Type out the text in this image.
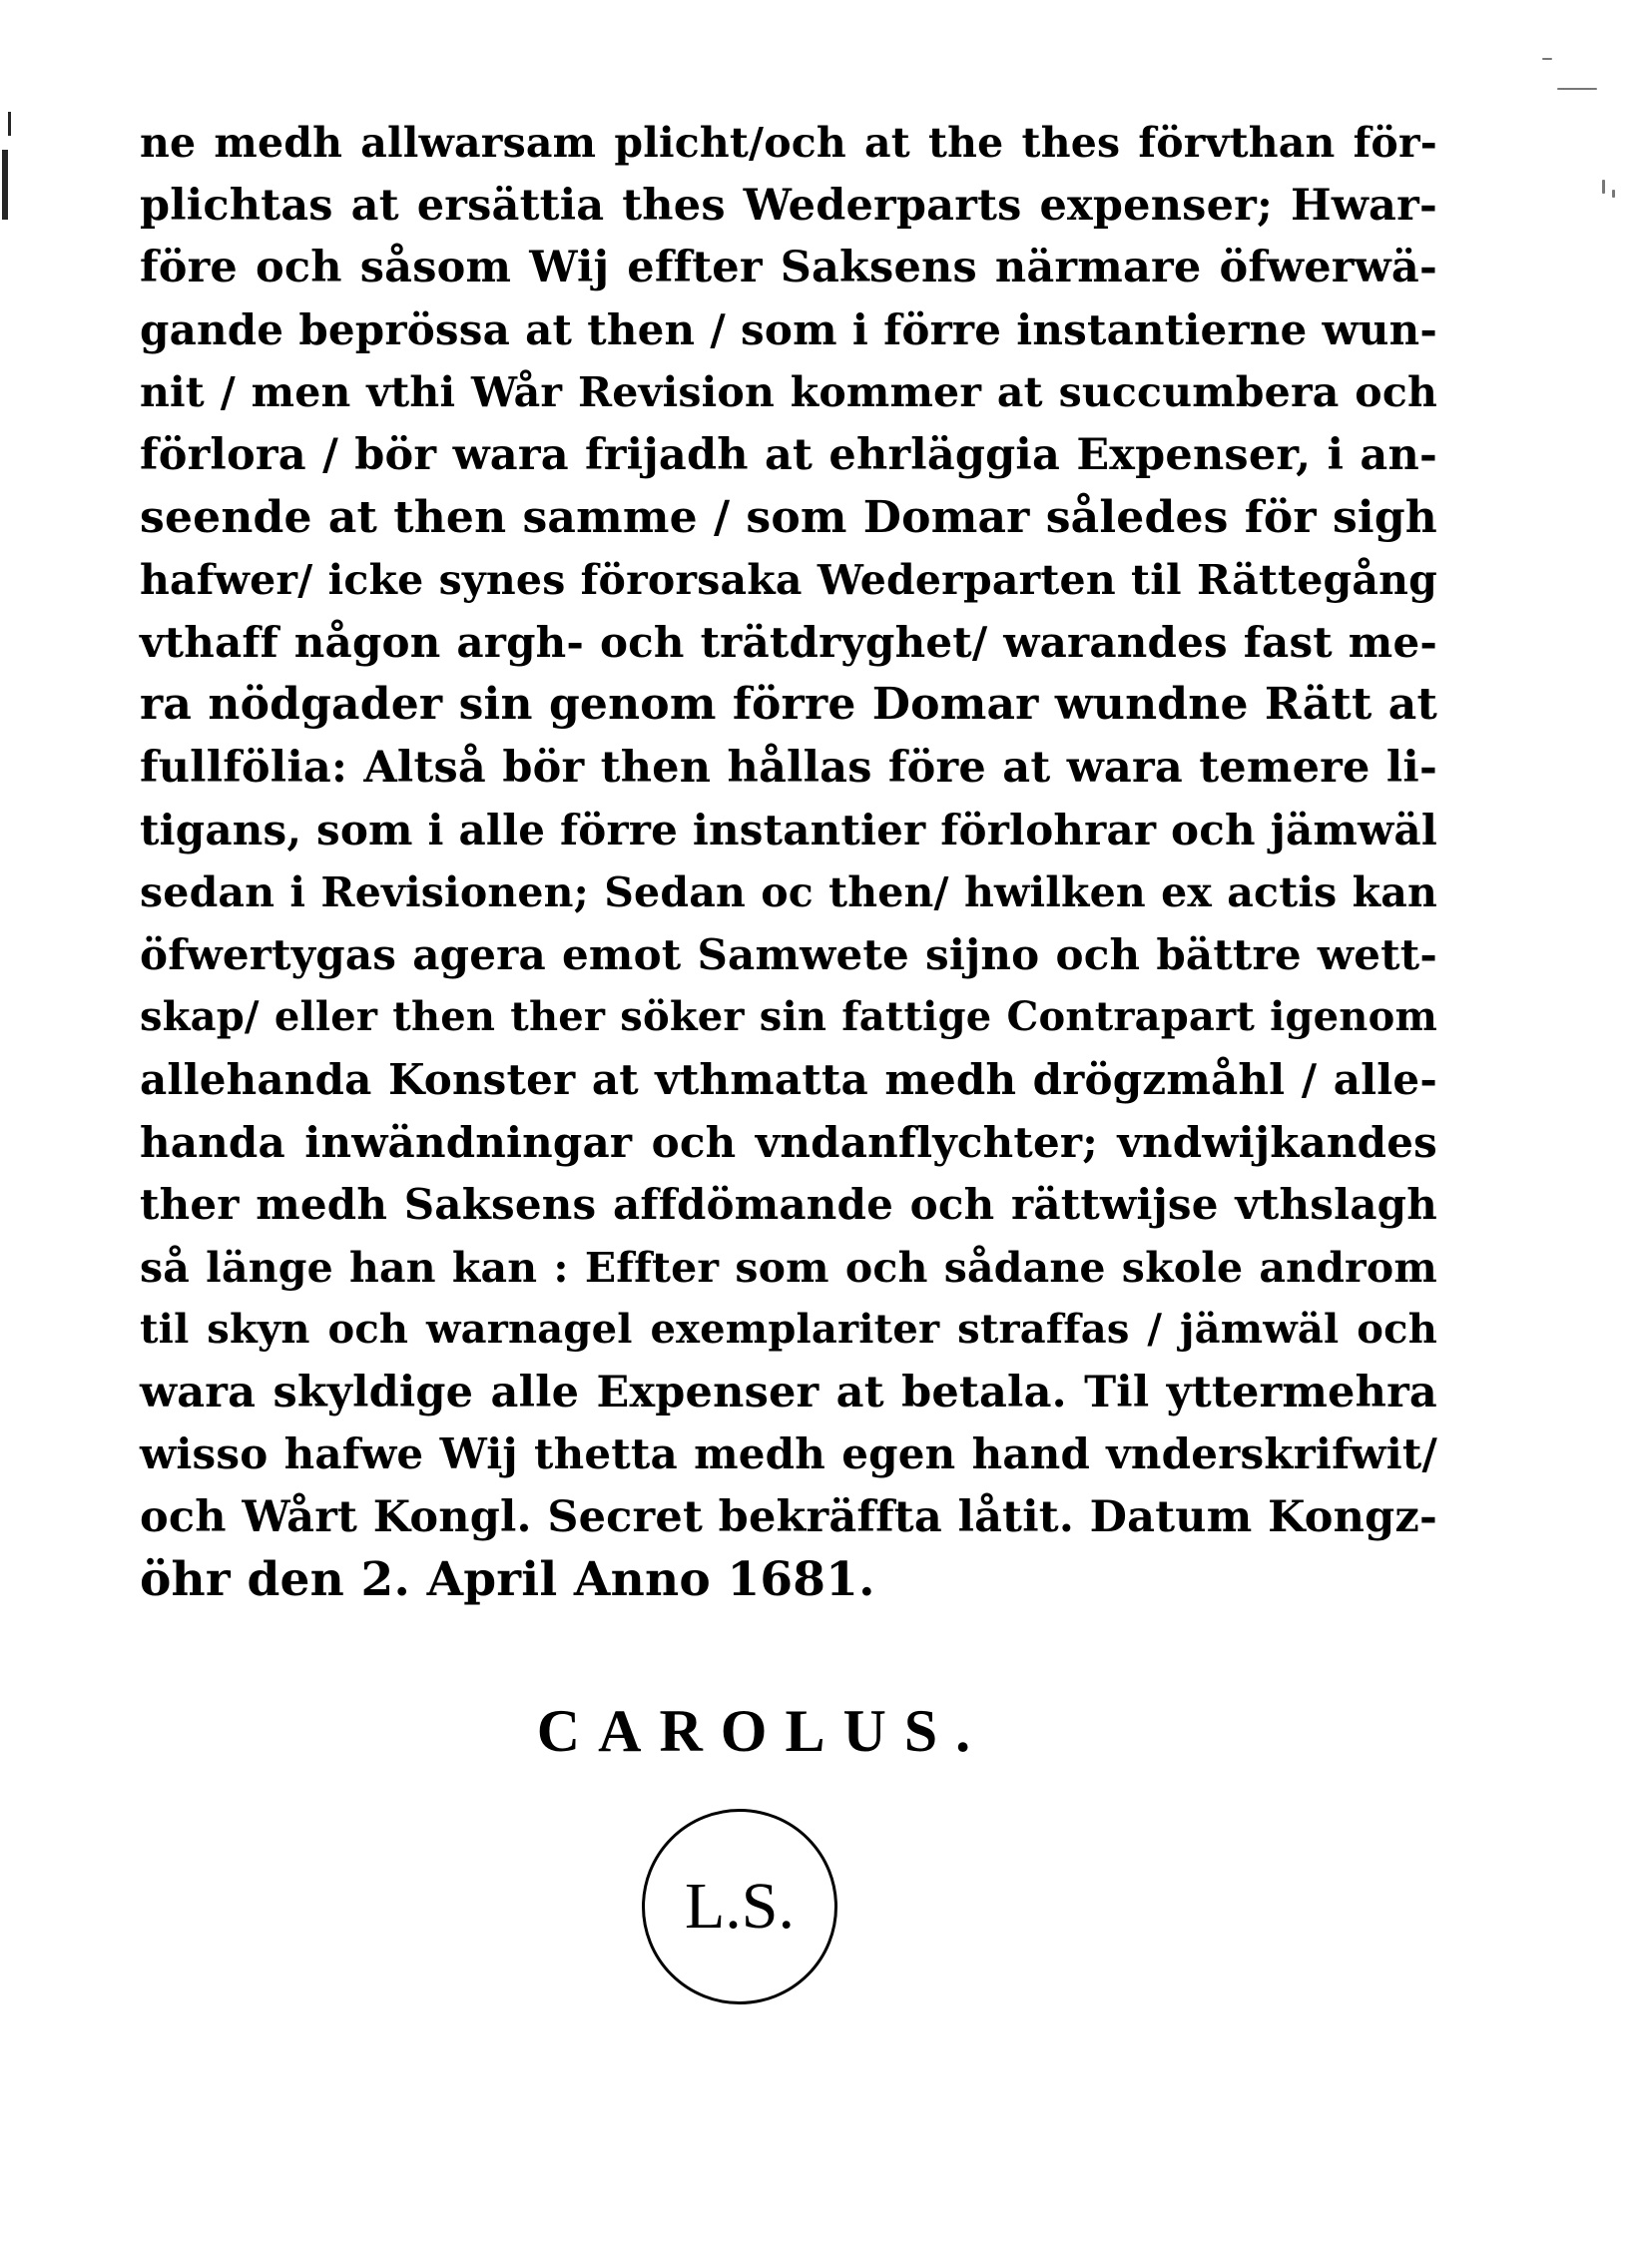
ne medh allwarsam plicht/och at the thes förvthan för-
plichtas at ersättia thes Wederparts expenser; Hwar-
före och såsom Wij effter Saksens närmare öfwerwä-
gande beprössa at then / som i förre instantierne wun-
nit / men vthi Wår Revision kommer at succumbera och
förlora / bör wara frijadh at ehrläggia Expenser, i an-
seende at then samme / som Domar således för sigh
hafwer/ icke synes förorsaka Wederparten til Rättegång
vthaff någon argh- och trätdryghet/ warandes fast me-
ra nödgader sin genom förre Domar wundne Rätt at
fullfölia: Altså bör then hållas före at wara temere li-
tigans, som i alle förre instantier förlohrar och jämwäl
sedan i Revisionen; Sedan oc then/ hwilken ex actis kan
öfwertygas agera emot Samwete sijno och bättre wett-
skap/ eller then ther söker sin fattige Contrapart igenom
allehanda Konster at vthmatta medh drögzmåhl / alle-
handa inwändningar och vndanflychter; vndwijkandes
ther medh Saksens affdömande och rättwijse vthslagh
så länge han kan : Effter som och sådane skole androm
til skyn och warnagel exemplariter straffas / jämwäl och
wara skyldige alle Expenser at betala. Til yttermehra
wisso hafwe Wij thetta medh egen hand vnderskrifwit/
och Wårt Kongl. Secret bekräffta låtit. Datum Kongz-
öhr den 2. April Anno 1681.
CAROLUS.
L.S.
